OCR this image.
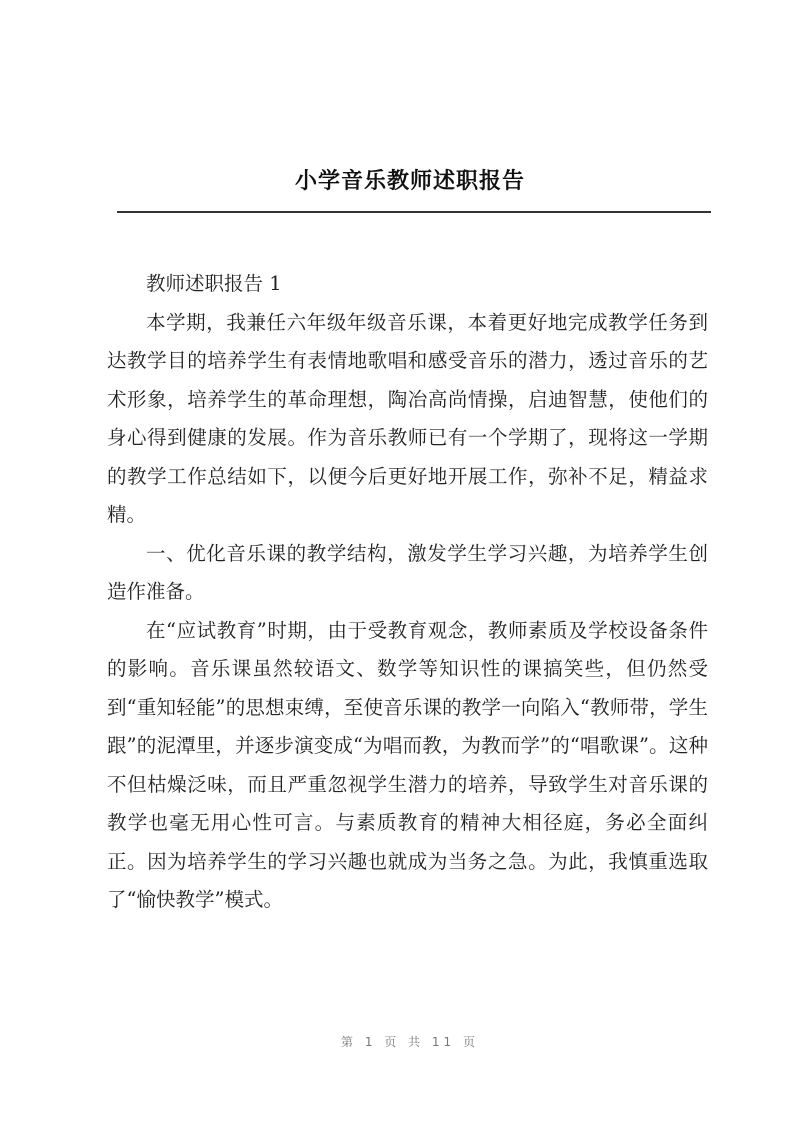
小学音乐教师述职报告

教师述职报告 1

本学期，我兼任六年级年级音乐课，本着更好地完成教学任务到达教学目的培养学生有表情地歌唱和感受音乐的潜力，透过音乐的艺术形象，培养学生的革命理想，陶冶高尚情操，启迪智慧，使他们的身心得到健康的发展。作为音乐教师已有一个学期了，现将这一学期的教学工作总结如下，以便今后更好地开展工作，弥补不足，精益求精。

一、优化音乐课的教学结构，激发学生学习兴趣，为培养学生创造作准备。

在“应试教育”时期，由于受教育观念，教师素质及学校设备条件的影响。音乐课虽然较语文、数学等知识性的课搞笑些，但仍然受到“重知轻能”的思想束缚，至使音乐课的教学一向陷入“教师带，学生跟”的泥潭里，并逐步演变成“为唱而教，为教而学”的“唱歌课”。这种不但枯燥泛味，而且严重忽视学生潜力的培养，导致学生对音乐课的教学也毫无用心性可言。与素质教育的精神大相径庭，务必全面纠正。因为培养学生的学习兴趣也就成为当务之急。为此，我慎重选取了“愉快教学”模式。

第 1 页 共 11 页
